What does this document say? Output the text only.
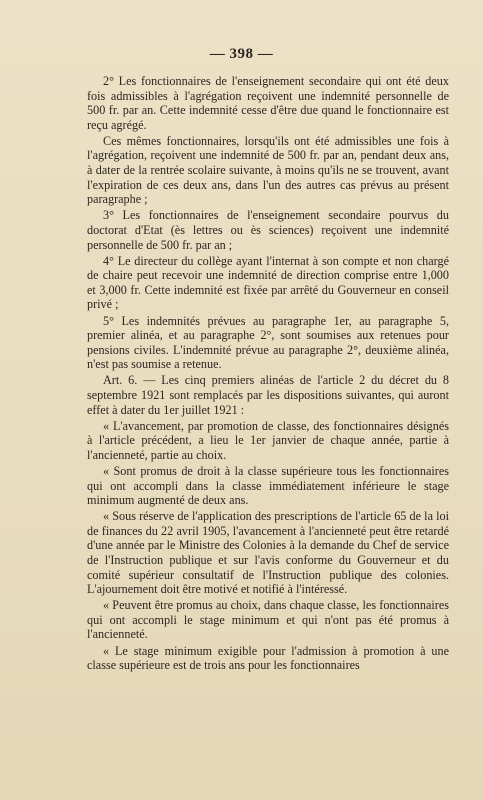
— 398 —

2° Les fonctionnaires de l'enseignement secondaire qui ont été deux fois admissibles à l'agrégation reçoivent une indemnité personnelle de 500 fr. par an. Cette indemnité cesse d'être due quand le fonctionnaire est reçu agrégé.

Ces mêmes fonctionnaires, lorsqu'ils ont été admissibles une fois à l'agrégation, reçoivent une indemnité de 500 fr. par an, pendant deux ans, à dater de la rentrée scolaire suivante, à moins qu'ils ne se trouvent, avant l'expiration de ces deux ans, dans l'un des autres cas prévus au présent paragraphe ;

3° Les fonctionnaires de l'enseignement secondaire pourvus du doctorat d'Etat (ès lettres ou ès sciences) reçoivent une indemnité personnelle de 500 fr. par an ;

4° Le directeur du collège ayant l'internat à son compte et non chargé de chaire peut recevoir une indemnité de direction comprise entre 1,000 et 3,000 fr. Cette indemnité est fixée par arrêté du Gouverneur en conseil privé ;

5° Les indemnités prévues au paragraphe 1er, au paragraphe 5, premier alinéa, et au paragraphe 2°, sont soumises aux retenues pour pensions civiles. L'indemnité prévue au paragraphe 2°, deuxième alinéa, n'est pas soumise a retenue.

Art. 6. — Les cinq premiers alinéas de l'article 2 du décret du 8 septembre 1921 sont remplacés par les dispositions suivantes, qui auront effet à dater du 1er juillet 1921 :

« L'avancement, par promotion de classe, des fonctionnaires désignés à l'article précédent, a lieu le 1er janvier de chaque année, partie à l'ancienneté, partie au choix.

« Sont promus de droit à la classe supérieure tous les fonctionnaires qui ont accompli dans la classe immédiatement inférieure le stage minimum augmenté de deux ans.

« Sous réserve de l'application des prescriptions de l'article 65 de la loi de finances du 22 avril 1905, l'avancement à l'ancienneté peut être retardé d'une année par le Ministre des Colonies à la demande du Chef de service de l'Instruction publique et sur l'avis conforme du Gouverneur et du comité supérieur consultatif de l'Instruction publique des colonies. L'ajournement doit être motivé et notifié à l'intéressé.

« Peuvent être promus au choix, dans chaque classe, les fonctionnaires qui ont accompli le stage minimum et qui n'ont pas été promus à l'ancienneté.

« Le stage minimum exigible pour l'admission à promotion à une classe supérieure est de trois ans pour les fonctionnaires
